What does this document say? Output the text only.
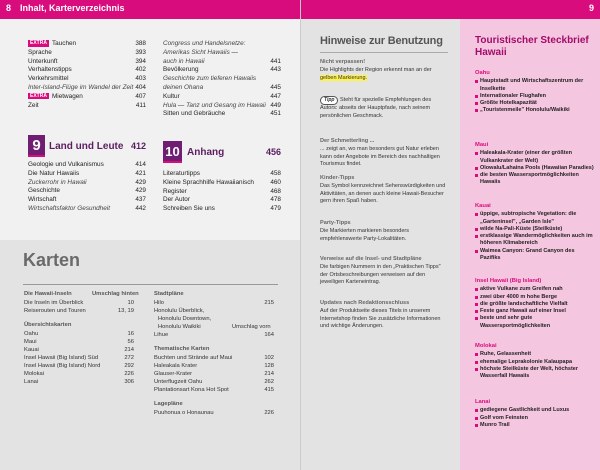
8 Inhalt, Karterverzeichnis
EXTRA Tauchen	388
Sprache	393
Unterkunft	394
Verhaltenstipps	402
Verkehrsmittel	403
Inter-Island-Flüge im Wandel der Zeit 404
EXTRA Mietwagen	407
Zeit	411
Congress und Handelsnetze:
Amerikas Sicht Hawaiis —
auch in Hawaii	441
Bevölkerung	443
Geschichte zum tieferen Hawaiis
deinen Ohana	445
Kultur	447
Hula — Tanz und Gesang im Hawaii 449
Sitten und Gebräuche	451
9 Land und Leute 412
Geologie und Vulkanismus	414
Die Natur Hawaiis	421
Zuckerrohr in Hawaii	429
Geschichte	429
Wirtschaft	437
Wirtschaftsfaktor Gesundheit	442
10 Anhang	456
Literaturtipps	458
Kleine Sprachhilfe Hawaiianisch	460
Register	468
Der Autor	478
Schreiben Sie uns	479
Karten
Die Hawaii-Inseln	Umschlag hinten
Die Inseln im Überblick	10
Reiserouten und Touren	13, 19
Übersichtskarten
Oahu	16
Maui	56
Kauai	214
Insel Hawaii (Big Island) Süd	272
Insel Hawaii (Big Island) Nord	292
Molokai	226
Lanai	306
Stadtpläne
Hilo	215
Honolulu Überblick,
Honolulu Downtown,
Honolulu Waikiki	Umschlag vorn
Lihue	164
Thematische Karten
Buchten und Strände auf Maui	102
Haleakala Krater	128
Glauser-Krater	214
Unterflugzeit Oahu	262
Plantationsart Kona Hot Spot	415
Lagepläne
Puuhonua o Honaunau	226
9
Hinweise zur Benutzung
Nicht verpassen!
Die Highlights der Region erkennt man an der gelben Markierung.
Tipp Steht für spezielle Empfehlungen des Autors: abseits der Hauptpfade, nach seinem persönlichen Geschmack.
Der Schmetterling ...
... zeigt an, wo man besonders gut Natur erleben kann oder Angebote im Bereich des nachhaltigen Tourismus findet.
Kinder-Tipps
Das Symbol kennzeichnet Sehenswürdigkeiten und Aktivitäten, an denen auch kleine Hawaii-Besucher gern ihren Spaß haben.
Party-Tipps
Die Markierten markieren besonders empfehlenswerte Party-Lokalitäten.
Verweise auf die Insel- und Stadtpläne
Die farbigen Nummern in den „Praktischen Tipps" der Ortsbeschreibungen verweisen auf den jeweiligen Karteneintrag.
Updates nach Redaktionsschluss
Auf der Produktseite dieses Titels in unserem Internetshop finden Sie zusätzliche Informationen und wichtige Änderungen.
Touristischer Steckbrief Hawaii
Oahu
Hauptstadt und Wirtschaftszentrum der Inselkette
Internationaler Flughafen
Größte Hotelkapazität
„Touristenmeile" Honolulu/Waikiki
Maui
Haleakala-Krater (einer der größten Vulkankrater der Welt)
Olowalu/Lahaina Pools (Hawaiian Paradies)
die besten Wassersportmöglichkeiten Hawaiis
Kauai
üppige, subtropische Vegetation: die „Garteninsel", „Garden Isle"
wilde Na-Pali-Küste (Steilküste)
erstklassige Wandermöglichkeiten auch im höheren Klimabereich
Waimea Canyon: Grand Canyon des Pazifiks
Insel Hawaii (Big Island)
aktive Vulkane zum Greifen nah
zwei über 4000 m hohe Berge
die größte landschaftliche Vielfalt
Feste ganz Hawaii auf einer Insel
beste und sehr gute Wassersportmöglichkeiten
Molokai
Ruhe, Gelassenheit
ehemalige Leprakolonie Kalaupapa
höchste Steilküste der Welt, höchster Wasserfall Hawaiis
Lanai
gediegene Gastlichkeit und Luxus
Golf vom Feinsten
Munro Trail
